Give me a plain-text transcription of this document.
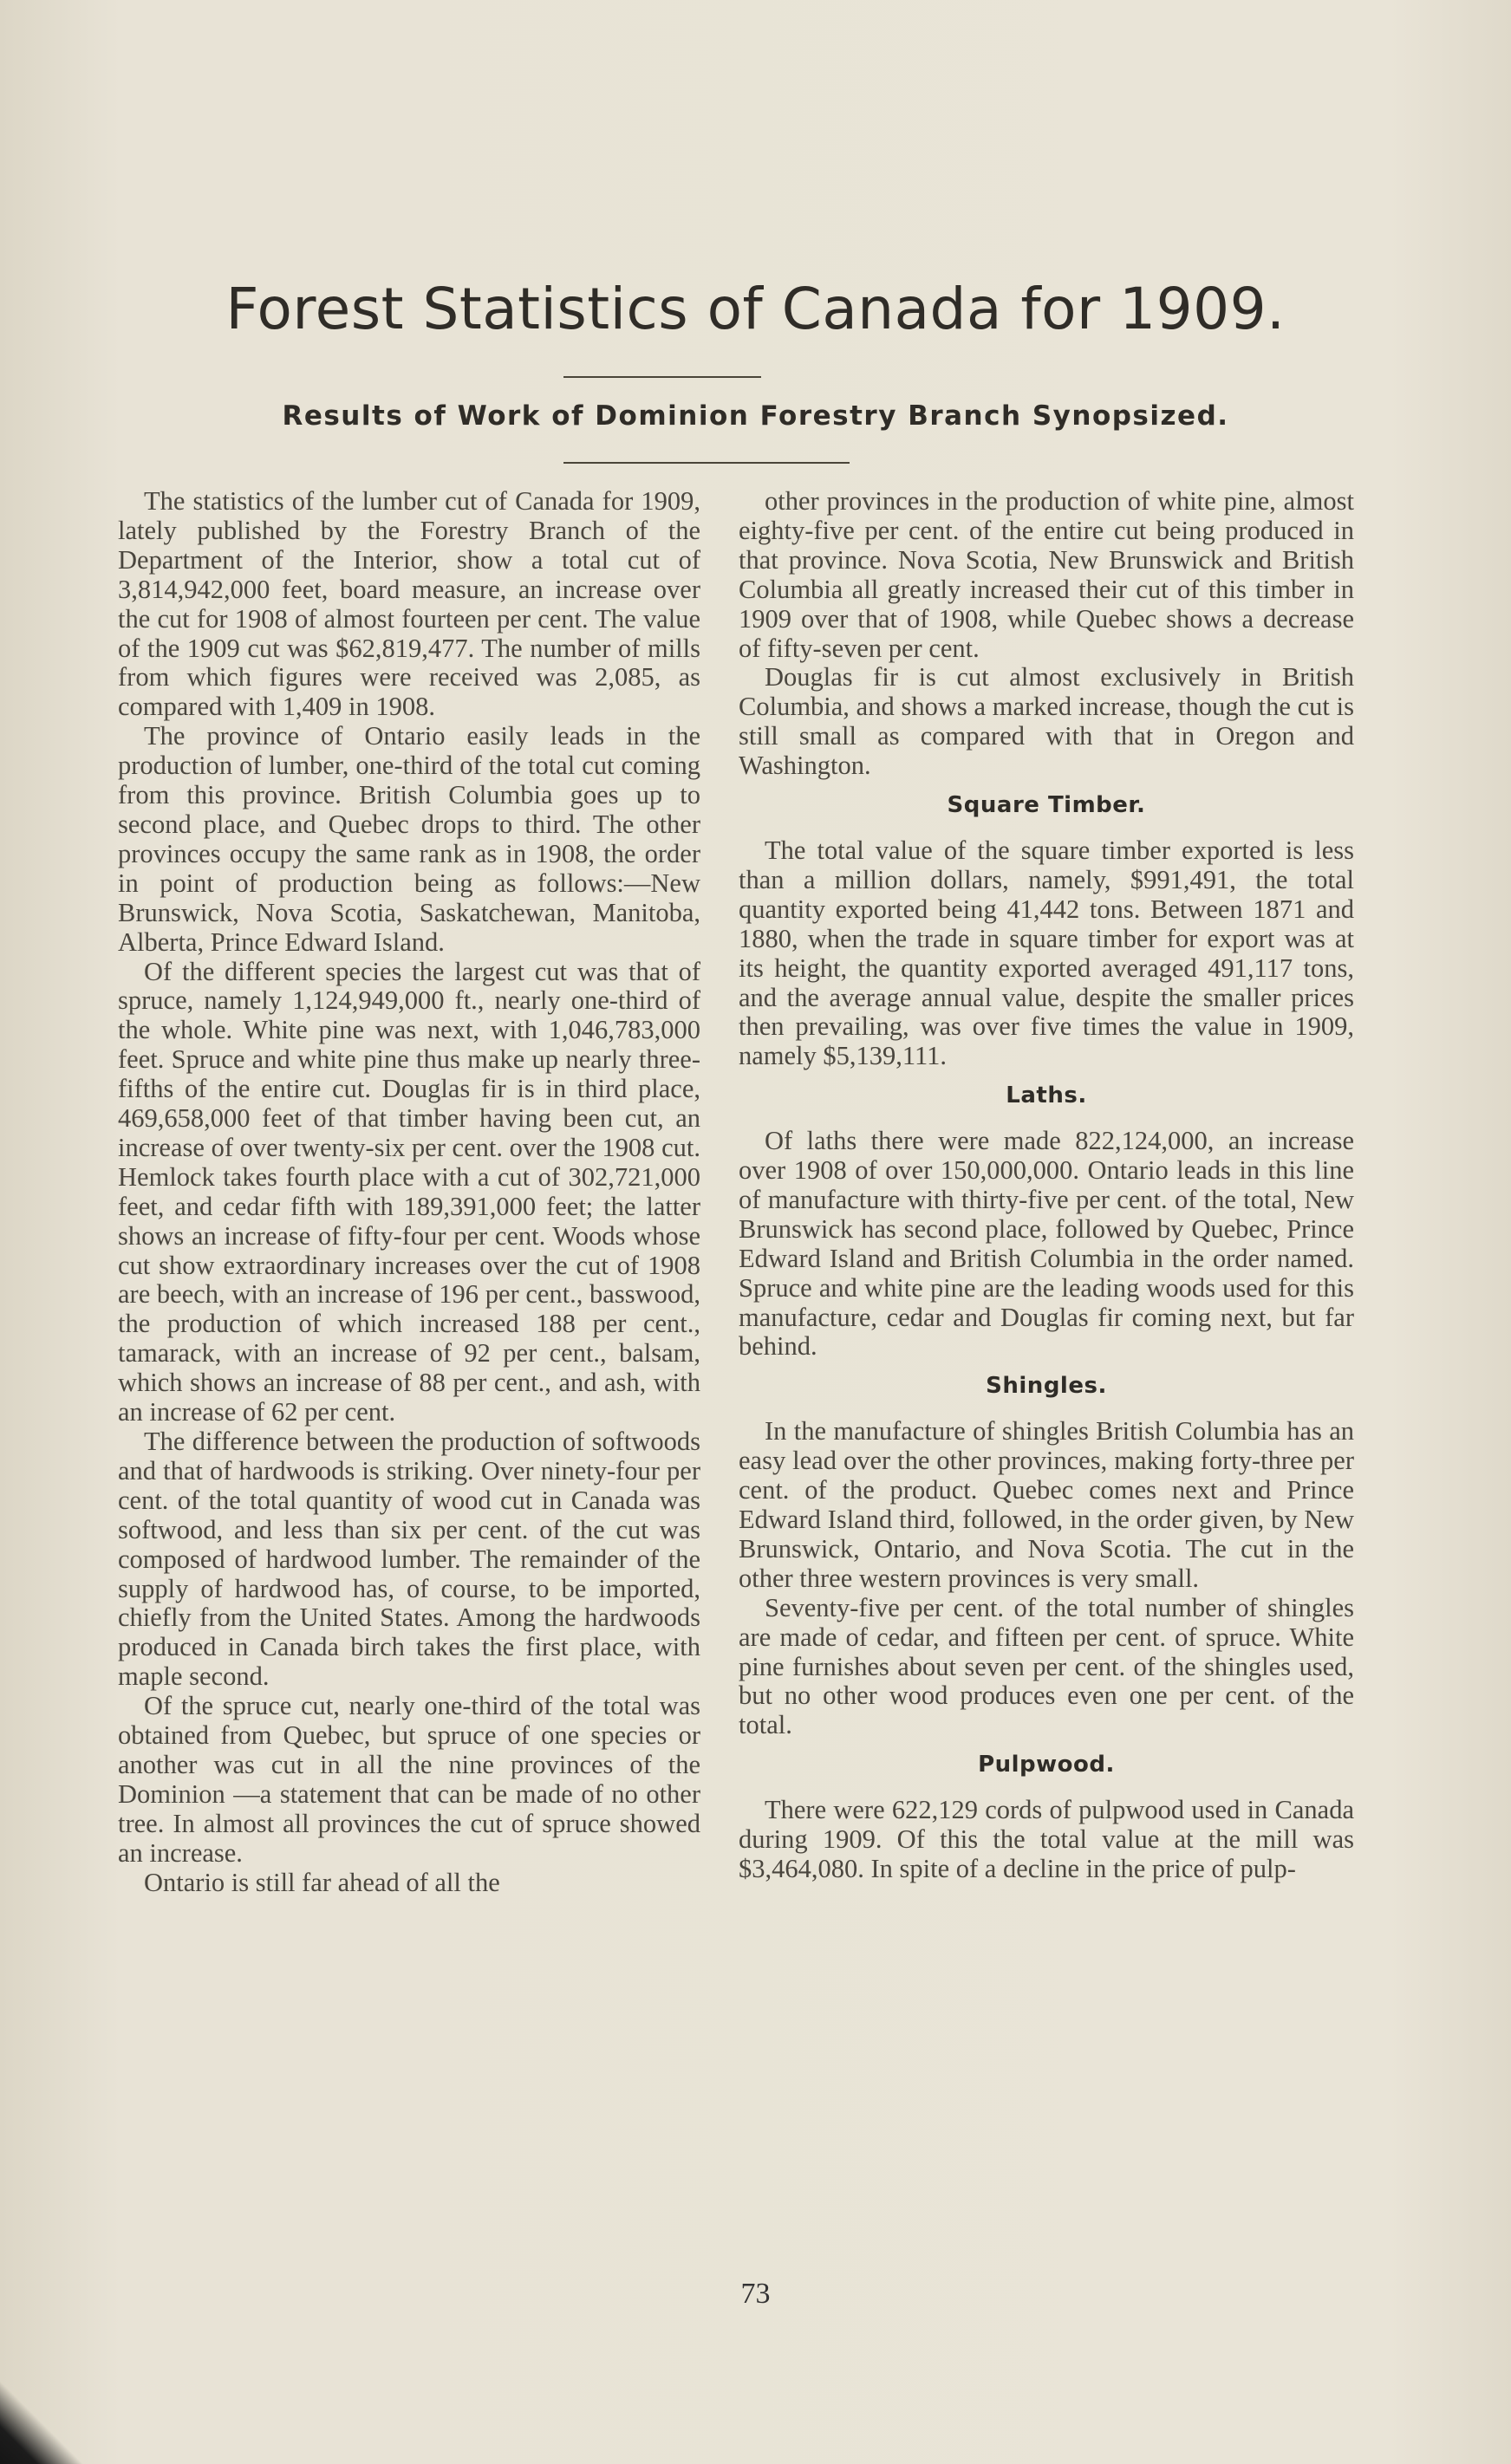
Forest Statistics of Canada for 1909.
Results of Work of Dominion Forestry Branch Synopsized.

The statistics of the lumber cut of Canada for 1909, lately published by the Forestry Branch of the Department of the Interior, show a total cut of 3,814,942,000 feet, board measure, an increase over the cut for 1908 of almost fourteen per cent. The value of the 1909 cut was $62,819,477. The number of mills from which figures were received was 2,085, as compared with 1,409 in 1908.

The province of Ontario easily leads in the production of lumber, one-third of the total cut coming from this province. British Columbia goes up to second place, and Quebec drops to third. The other provinces occupy the same rank as in 1908, the order in point of production being as follows:—New Brunswick, Nova Scotia, Saskatchewan, Manitoba, Alberta, Prince Edward Island.

Of the different species the largest cut was that of spruce, namely 1,124,949,000 ft., nearly one-third of the whole. White pine was next, with 1,046,783,000 feet. Spruce and white pine thus make up nearly three-fifths of the entire cut. Douglas fir is in third place, 469,658,000 feet of that timber having been cut, an increase of over twenty-six per cent. over the 1908 cut. Hemlock takes fourth place with a cut of 302,721,000 feet, and cedar fifth with 189,391,000 feet; the latter shows an increase of fifty-four per cent. Woods whose cut show extraordinary increases over the cut of 1908 are beech, with an increase of 196 per cent., basswood, the production of which increased 188 per cent., tamarack, with an increase of 92 per cent., balsam, which shows an increase of 88 per cent., and ash, with an increase of 62 per cent.

The difference between the production of softwoods and that of hardwoods is striking. Over ninety-four per cent. of the total quantity of wood cut in Canada was softwood, and less than six per cent. of the cut was composed of hardwood lumber. The remainder of the supply of hardwood has, of course, to be imported, chiefly from the United States. Among the hardwoods produced in Canada birch takes the first place, with maple second.

Of the spruce cut, nearly one-third of the total was obtained from Quebec, but spruce of one species or another was cut in all the nine provinces of the Dominion —a statement that can be made of no other tree. In almost all provinces the cut of spruce showed an increase.

Ontario is still far ahead of all the

other provinces in the production of white pine, almost eighty-five per cent. of the entire cut being produced in that province. Nova Scotia, New Brunswick and British Columbia all greatly increased their cut of this timber in 1909 over that of 1908, while Quebec shows a decrease of fifty-seven per cent.

Douglas fir is cut almost exclusively in British Columbia, and shows a marked increase, though the cut is still small as compared with that in Oregon and Washington.

Square Timber.

The total value of the square timber exported is less than a million dollars, namely, $991,491, the total quantity exported being 41,442 tons. Between 1871 and 1880, when the trade in square timber for export was at its height, the quantity exported averaged 491,117 tons, and the average annual value, despite the smaller prices then prevailing, was over five times the value in 1909, namely $5,139,111.

Laths.

Of laths there were made 822,124,000, an increase over 1908 of over 150,000,000. Ontario leads in this line of manufacture with thirty-five per cent. of the total, New Brunswick has second place, followed by Quebec, Prince Edward Island and British Columbia in the order named. Spruce and white pine are the leading woods used for this manufacture, cedar and Douglas fir coming next, but far behind.

Shingles.

In the manufacture of shingles British Columbia has an easy lead over the other provinces, making forty-three per cent. of the product. Quebec comes next and Prince Edward Island third, followed, in the order given, by New Brunswick, Ontario, and Nova Scotia. The cut in the other three western provinces is very small.

Seventy-five per cent. of the total number of shingles are made of cedar, and fifteen per cent. of spruce. White pine furnishes about seven per cent. of the shingles used, but no other wood produces even one per cent. of the total.

Pulpwood.

There were 622,129 cords of pulpwood used in Canada during 1909. Of this the total value at the mill was $3,464,080. In spite of a decline in the price of pulp-

73
